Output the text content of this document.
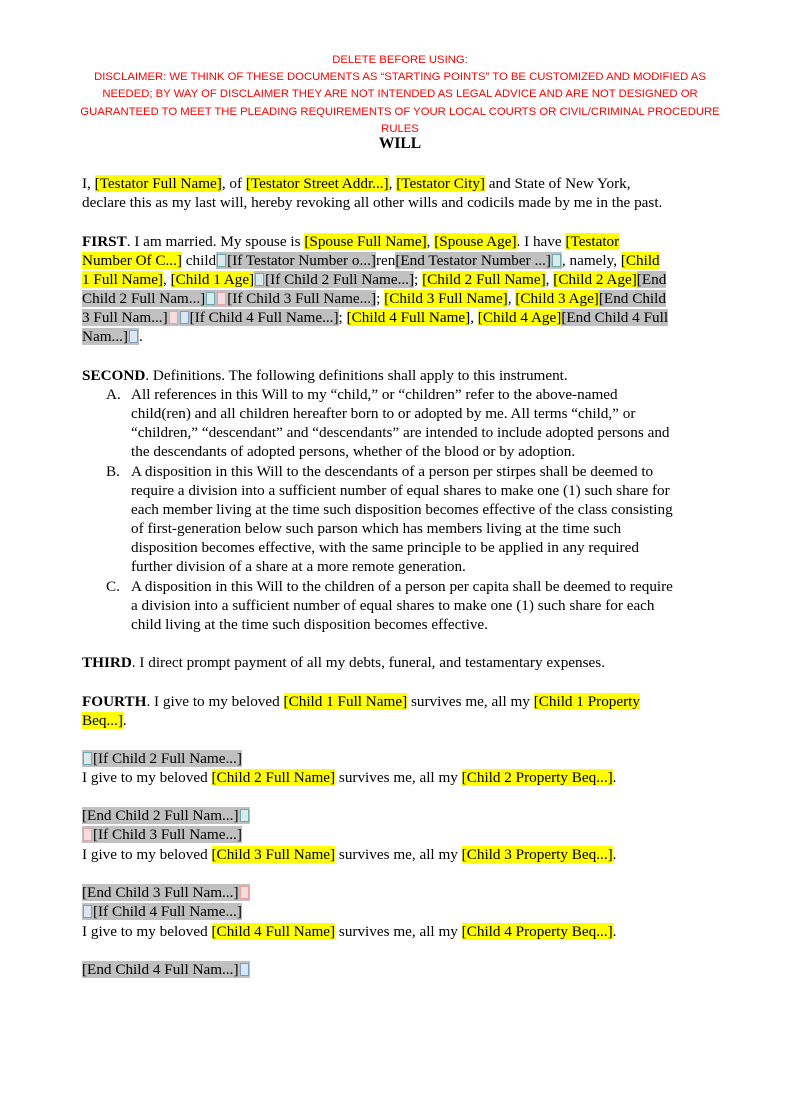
DELETE BEFORE USING:
DISCLAIMER: WE THINK OF THESE DOCUMENTS AS “STARTING POINTS” TO BE CUSTOMIZED AND MODIFIED AS
NEEDED; BY WAY OF DISCLAIMER THEY ARE NOT INTENDED AS LEGAL ADVICE AND ARE NOT DESIGNED OR
GUARANTEED TO MEET THE PLEADING REQUIREMENTS OF YOUR LOCAL COURTS OR CIVIL/CRIMINAL PROCEDURE
RULES
WILL
I, [Testator Full Name], of [Testator Street Addr...], [Testator City] and State of New York,
declare this as my last will, hereby revoking all other wills and codicils made by me in the past.
FIRST. I am married. My spouse is [Spouse Full Name], [Spouse Age]. I have [Testator
Number Of C...] child [If Testator Number o...]ren[End Testator Number ...] , namely, [Child
1 Full Name], [Child 1 Age] [If Child 2 Full Name...]; [Child 2 Full Name], [Child 2 Age][End
Child 2 Full Nam...] [If Child 3 Full Name...]; [Child 3 Full Name], [Child 3 Age][End Child
3 Full Nam...] [If Child 4 Full Name...]; [Child 4 Full Name], [Child 4 Age][End Child 4 Full
Nam...] .
SECOND. Definitions. The following definitions shall apply to this instrument.
A. All references in this Will to my “child,” or “children” refer to the above-named
child(ren) and all children hereafter born to or adopted by me. All terms “child,” or
“children,” “descendant” and “descendants” are intended to include adopted persons and
the descendants of adopted persons, whether of the blood or by adoption.
B. A disposition in this Will to the descendants of a person per stirpes shall be deemed to
require a division into a sufficient number of equal shares to make one (1) such share for
each member living at the time such disposition becomes effective of the class consisting
of first-generation below such parson which has members living at the time such
disposition becomes effective, with the same principle to be applied in any required
further division of a share at a more remote generation.
C. A disposition in this Will to the children of a person per capita shall be deemed to require
a division into a sufficient number of equal shares to make one (1) such share for each
child living at the time such disposition becomes effective.
THIRD. I direct prompt payment of all my debts, funeral, and testamentary expenses.
FOURTH. I give to my beloved [Child 1 Full Name] survives me, all my [Child 1 Property
Beq...].
[If Child 2 Full Name...]
I give to my beloved [Child 2 Full Name] survives me, all my [Child 2 Property Beq...].
[End Child 2 Full Nam...]
[If Child 3 Full Name...]
I give to my beloved [Child 3 Full Name] survives me, all my [Child 3 Property Beq...].
[End Child 3 Full Nam...]
[If Child 4 Full Name...]
I give to my beloved [Child 4 Full Name] survives me, all my [Child 4 Property Beq...].
[End Child 4 Full Nam...]
